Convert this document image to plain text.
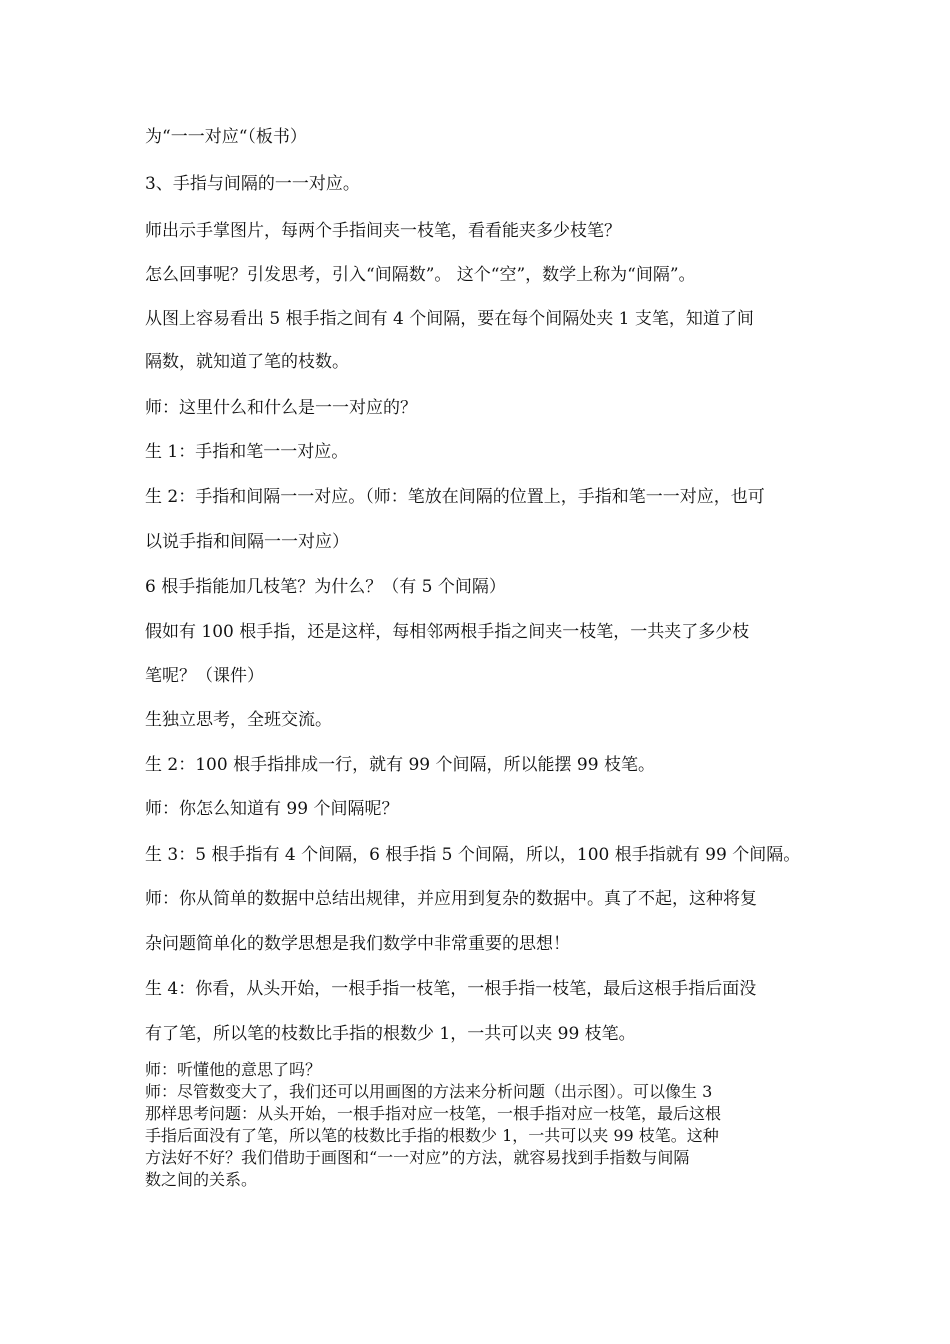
为“一一对应“（板书）

3、手指与间隔的一一对应。

师出示手掌图片，每两个手指间夹一枝笔，看看能夹多少枝笔？

怎么回事呢？引发思考，引入“间隔数”。 这个“空”，数学上称为“间隔”。

从图上容易看出 5 根手指之间有 4 个间隔，要在每个间隔处夹 1 支笔，知道了间

隔数，就知道了笔的枝数。

师：这里什么和什么是一一对应的？

生 1：手指和笔一一对应。

生 2：手指和间隔一一对应。（师：笔放在间隔的位置上，手指和笔一一对应，也可

以说手指和间隔一一对应）

6 根手指能加几枝笔？为什么？（有 5 个间隔）

假如有 100 根手指，还是这样，每相邻两根手指之间夹一枝笔，一共夹了多少枝

笔呢？（课件）

生独立思考，全班交流。

生 2：100 根手指排成一行，就有 99 个间隔，所以能摆 99 枝笔。

师：你怎么知道有 99 个间隔呢？

生 3：5 根手指有 4 个间隔，6 根手指 5 个间隔，所以，100 根手指就有 99 个间隔。

师：你从简单的数据中总结出规律，并应用到复杂的数据中。真了不起，这种将复

杂问题简单化的数学思想是我们数学中非常重要的思想！

生 4：你看，从头开始，一根手指一枝笔，一根手指一枝笔，最后这根手指后面没

有了笔，所以笔的枝数比手指的根数少 1，一共可以夹 99 枝笔。

师：听懂他的意思了吗？
师：尽管数变大了，我们还可以用画图的方法来分析问题（出示图）。可以像生 3
那样思考问题：从头开始，一根手指对应一枝笔，一根手指对应一枝笔，最后这根
手指后面没有了笔，所以笔的枝数比手指的根数少 1，一共可以夹 99 枝笔。这种
方法好不好？我们借助于画图和“一一对应”的方法，就容易找到手指数与间隔
数之间的关系。
